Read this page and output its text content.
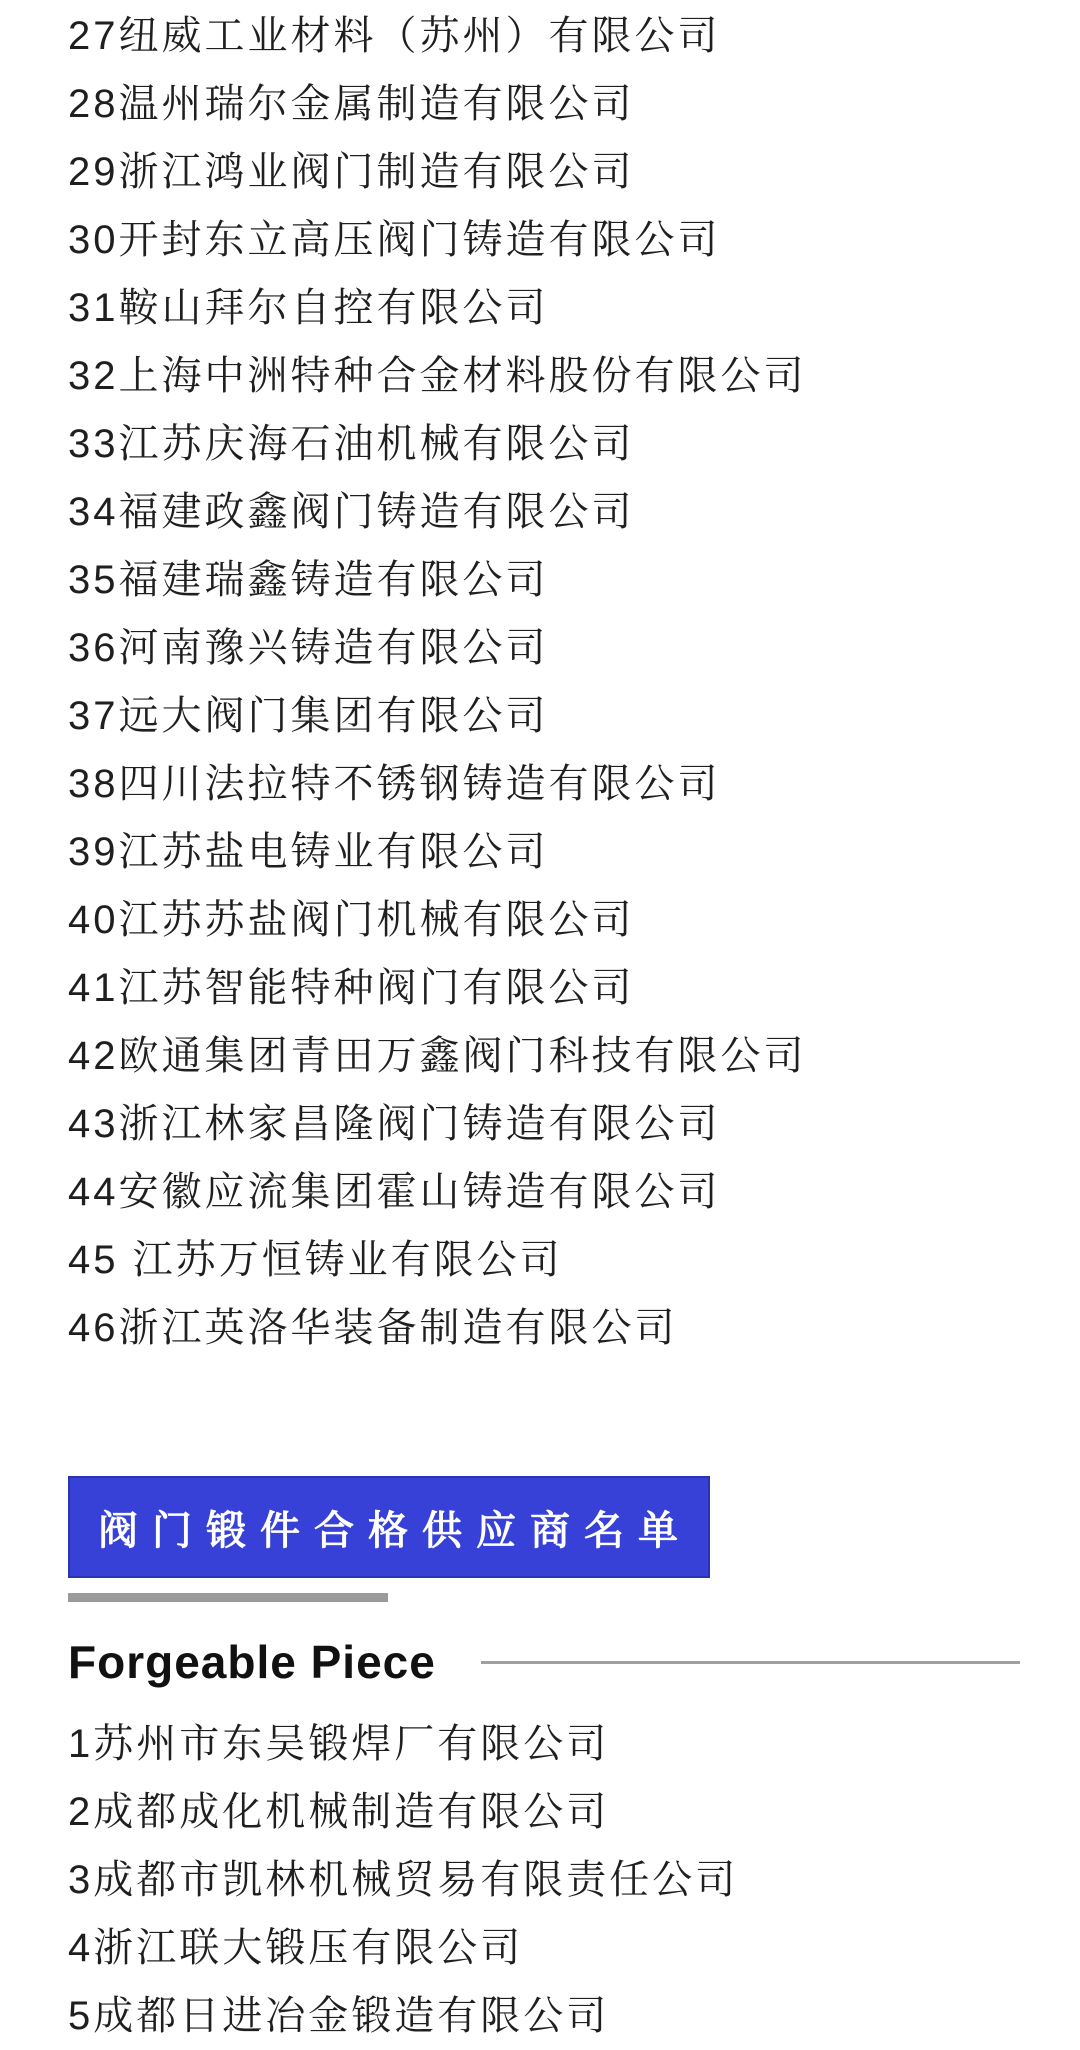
27纽威工业材料（苏州）有限公司
28温州瑞尔金属制造有限公司
29浙江鸿业阀门制造有限公司
30开封东立高压阀门铸造有限公司
31鞍山拜尔自控有限公司
32上海中洲特种合金材料股份有限公司
33江苏庆海石油机械有限公司
34福建政鑫阀门铸造有限公司
35福建瑞鑫铸造有限公司
36河南豫兴铸造有限公司
37远大阀门集团有限公司
38四川法拉特不锈钢铸造有限公司
39江苏盐电铸业有限公司
40江苏苏盐阀门机械有限公司
41江苏智能特种阀门有限公司
42欧通集团青田万鑫阀门科技有限公司
43浙江林家昌隆阀门铸造有限公司
44安徽应流集团霍山铸造有限公司
45 江苏万恒铸业有限公司
46浙江英洛华装备制造有限公司
阀门锻件合格供应商名单
Forgeable Piece
1苏州市东吴锻焊厂有限公司
2成都成化机械制造有限公司
3成都市凯林机械贸易有限责任公司
4浙江联大锻压有限公司
5成都日进冶金锻造有限公司
